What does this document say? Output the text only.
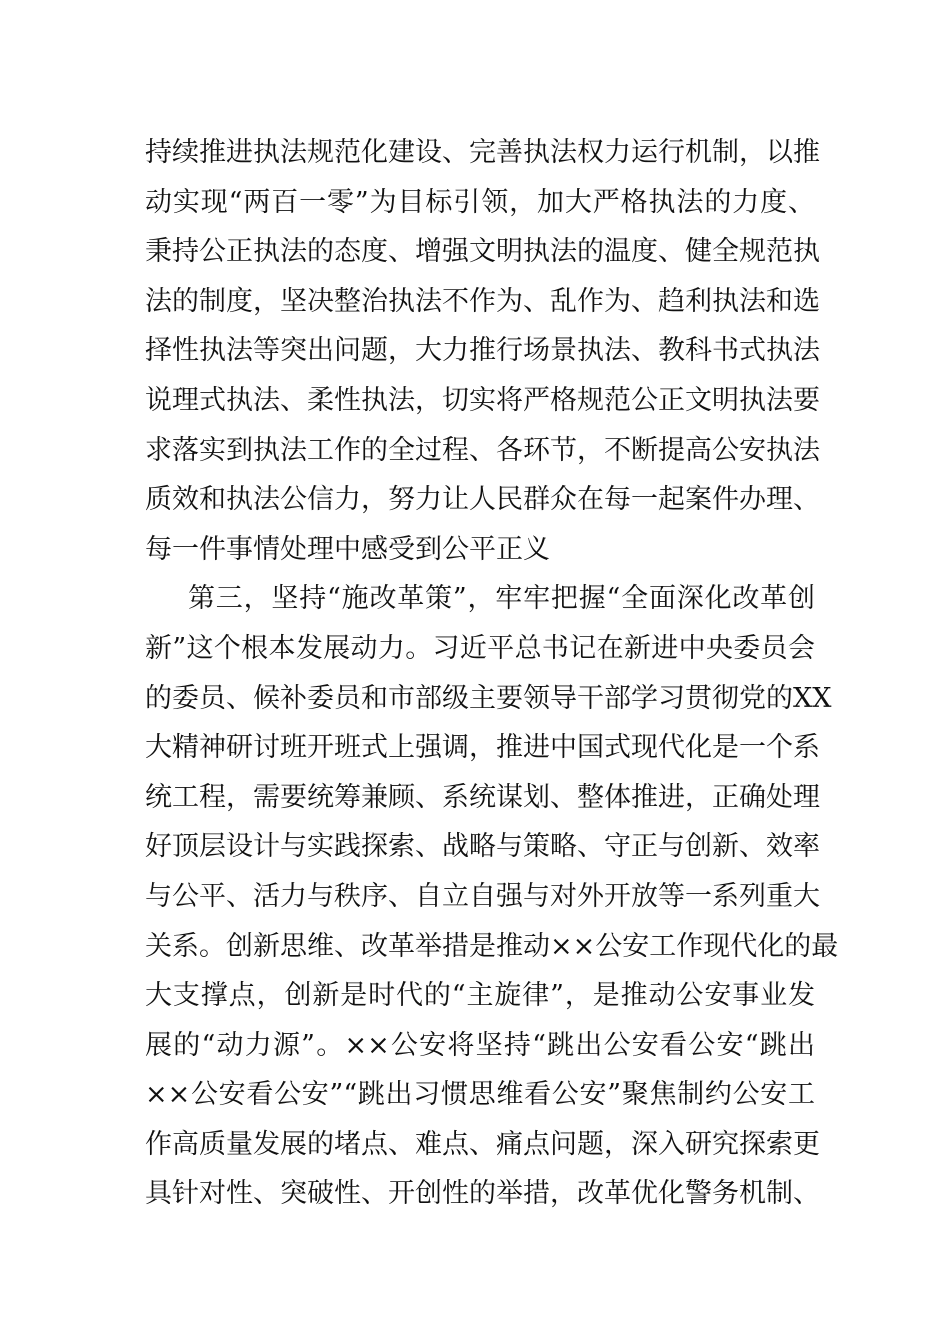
持续推进执法规范化建设、完善执法权力运行机制，以推
动实现“两百一零”为目标引领，加大严格执法的力度、
秉持公正执法的态度、增强文明执法的温度、健全规范执
法的制度，坚决整治执法不作为、乱作为、趋利执法和选
择性执法等突出问题，大力推行场景执法、教科书式执法
说理式执法、柔性执法，切实将严格规范公正文明执法要
求落实到执法工作的全过程、各环节，不断提高公安执法
质效和执法公信力，努力让人民群众在每一起案件办理、
每一件事情处理中感受到公平正义
第三，坚持“施改革策”，牢牢把握“全面深化改革创
新”这个根本发展动力。习近平总书记在新进中央委员会
的委员、候补委员和市部级主要领导干部学习贯彻党的XX
大精神研讨班开班式上强调，推进中国式现代化是一个系
统工程，需要统筹兼顾、系统谋划、整体推进，正确处理
好顶层设计与实践探索、战略与策略、守正与创新、效率
与公平、活力与秩序、自立自强与对外开放等一系列重大
关系。创新思维、改革举措是推动××公安工作现代化的最
大支撑点，创新是时代的“主旋律”，是推动公安事业发
展的“动力源”。××公安将坚持“跳出公安看公安“跳出
××公安看公安”“跳出习惯思维看公安”聚焦制约公安工
作高质量发展的堵点、难点、痛点问题，深入研究探索更
具针对性、突破性、开创性的举措，改革优化警务机制、
